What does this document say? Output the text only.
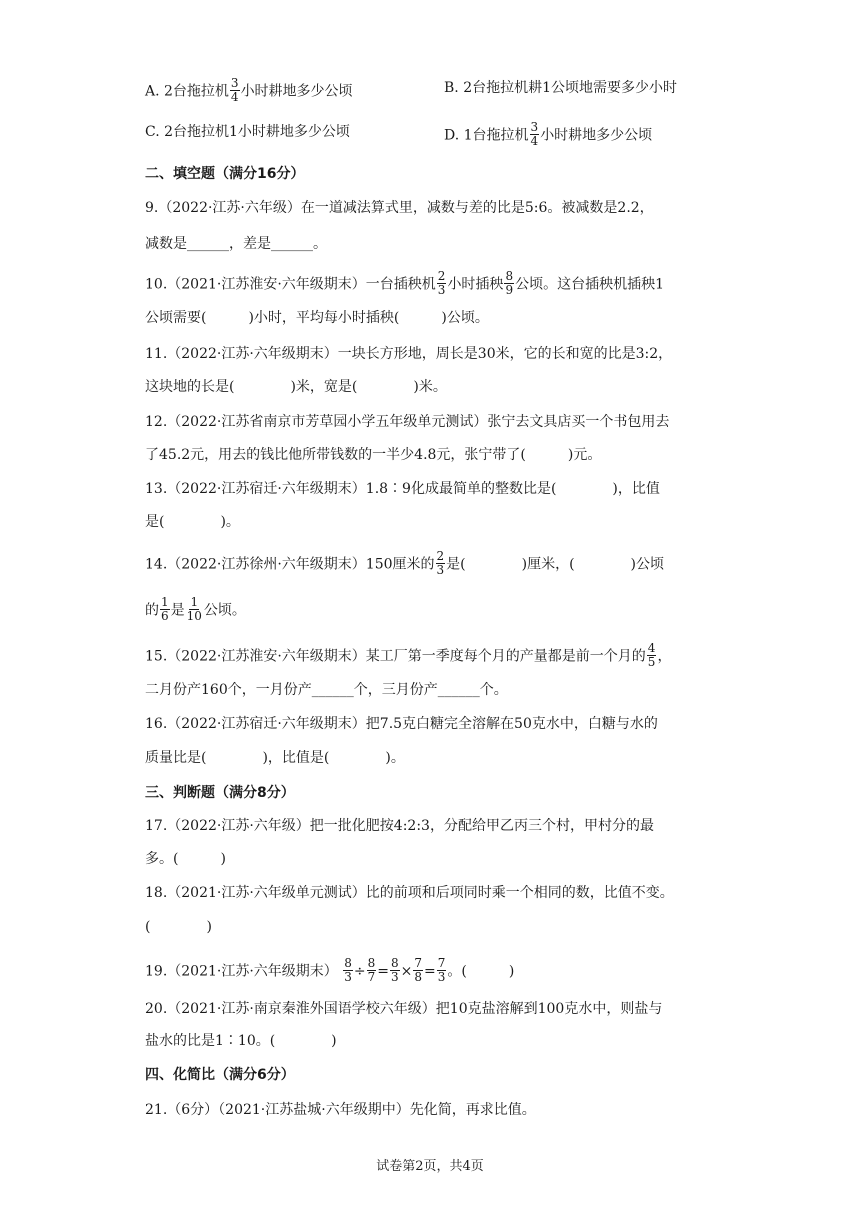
A. 2台拖拉机 $\frac{3}{4}$ 小时耕地多少公顷	B. 2台拖拉机耕1公顷地需要多少小时
C. 2台拖拉机1小时耕地多少公顷	D. 1台拖拉机 $\frac{3}{4}$ 小时耕地多少公顷
二、填空题（满分16分）
9.（2022·江苏·六年级）在一道减法算式里，减数与差的比是5:6。被减数是2.2，
减数是______，差是______。
10.（2021·江苏淮安·六年级期末）一台插秧机 $\frac{2}{3}$ 小时插秧 $\frac{8}{9}$ 公顷。这台插秧机插秧1
公顷需要(　　　)小时，平均每小时插秧(　　　)公顷。
11.（2022·江苏·六年级期末）一块长方形地，周长是30米，它的长和宽的比是3:2，
这块地的长是(　　　　)米，宽是(　　　　)米。
12.（2022·江苏省南京市芳草园小学五年级单元测试）张宁去文具店买一个书包用去
了45.2元，用去的钱比他所带钱数的一半少4.8元，张宁带了(　　　)元。
13.（2022·江苏宿迁·六年级期末）1.8∶9化成最简单的整数比是(　　　　)，比值
是(　　　　)。
14.（2022·江苏徐州·六年级期末）150厘米的 $\frac{2}{3}$ 是(　　　　)厘米，(　　　　)公顷
的 $\frac{1}{6}$ 是 $\frac{1}{10}$ 公顷。
15.（2022·江苏淮安·六年级期末）某工厂第一季度每个月的产量都是前一个月的 $\frac{4}{5}$ ，
二月份产160个，一月份产______个，三月份产______个。
16.（2022·江苏宿迁·六年级期末）把7.5克白糖完全溶解在50克水中，白糖与水的
质量比是(　　　　)，比值是(　　　　)。
三、判断题（满分8分）
17.（2022·江苏·六年级）把一批化肥按4:2:3，分配给甲乙丙三个村，甲村分的最
多。(　　　)
18.（2021·江苏·六年级单元测试）比的前项和后项同时乘一个相同的数，比值不变。
(　　　　)
19.（2021·江苏·六年级期末） $\frac{8}{3} \div \frac{8}{7} = \frac{8}{3} \times \frac{7}{8} = \frac{7}{3}$ 。(　　　)
20.（2021·江苏·南京秦淮外国语学校六年级）把10克盐溶解到100克水中，则盐与
盐水的比是1∶10。(　　　　)
四、化简比（满分6分）
21.（6分）（2021·江苏盐城·六年级期中）先化简，再求比值。
试卷第2页，共4页
